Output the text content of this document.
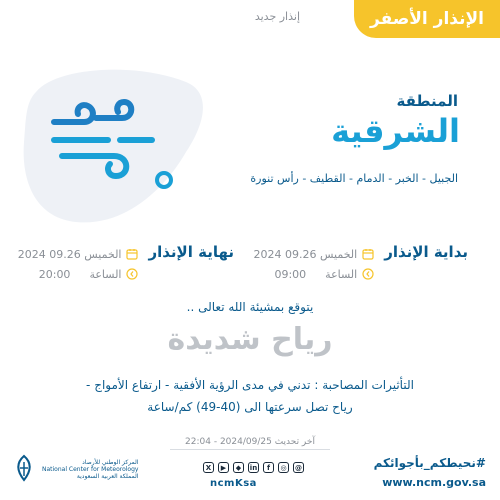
الإنذار الأصفر
إنذار جديد
المنطقة
الشرقية
الجبيل - الخبر - الدمام - القطيف - رأس تنورة
بداية الإنذار
الخميس 09.26 2024
الساعة
09:00
نهاية الإنذار
الخميس 09.26 2024
الساعة
20:00
يتوقع بمشيئة الله تعالى ..
رياح شديدة
التأثيرات المصاحبة : تدني في مدى الرؤية الأفقية - ارتفاع الأمواج -
رياح تصل سرعتها الى (40-49) كم/ساعة
آخر تحديث 2024/09/25 - 22:04
المركز الوطني للأرصاد
National Center for Meteorology
المملكة العربية السعودية
X	▶	◆	in	f	◎	@
ncmKsa
#نحيطكم_بأجوائكم
www.ncm.gov.sa
